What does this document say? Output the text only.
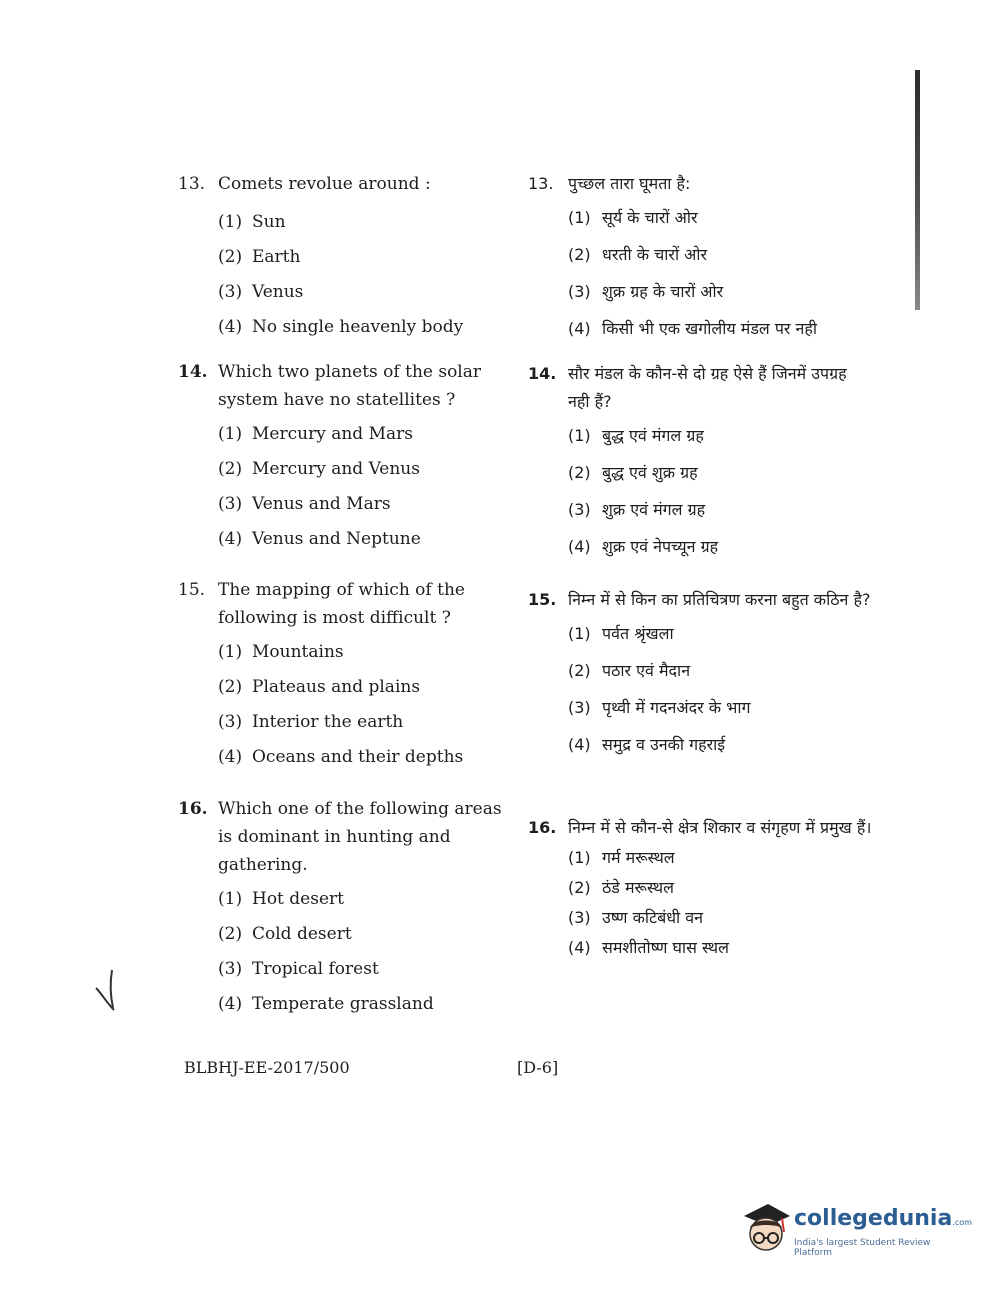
13. Comets revolue around :
(1) Sun
(2) Earth
(3) Venus
(4) No single heavenly body
14. Which two planets of the solar system have no statellites ?
(1) Mercury and Mars
(2) Mercury and Venus
(3) Venus and Mars
(4) Venus and Neptune
15. The mapping of which of the following is most difficult ?
(1) Mountains
(2) Plateaus and plains
(3) Interior the earth
(4) Oceans and their depths
16. Which one of the following areas is dominant in hunting and gathering.
(1) Hot desert
(2) Cold desert
(3) Tropical forest
(4) Temperate grassland
13. पुच्छल तारा घूमता है:
(1) सूर्य के चारों ओर
(2) धरती के चारों ओर
(3) शुक्र ग्रह के चारों ओर
(4) किसी भी एक खगोलीय मंडल पर नही
14. सौर मंडल के कौन-से दो ग्रह ऐसे हैं जिनमें उपग्रह नही हैं?
(1) बुद्ध एवं मंगल ग्रह
(2) बुद्ध एवं शुक्र ग्रह
(3) शुक्र एवं मंगल ग्रह
(4) शुक्र एवं नेपच्यून ग्रह
15. निम्न में से किन का प्रतिचित्रण करना बहुत कठिन है?
(1) पर्वत श्रृंखला
(2) पठार एवं मैदान
(3) पृथ्वी में गदनअंदर के भाग
(4) समुद्र व उनकी गहराई
16. निम्न में से कौन-से क्षेत्र शिकार व संगृहण में प्रमुख हैं।
(1) गर्म मरूस्थल
(2) ठंडे मरूस्थल
(3) उष्ण कटिबंधी वन
(4) समशीतोष्ण घास स्थल
BLBHJ-EE-2017/500	[D-6]
collegedunia.com
India's largest Student Review Platform
